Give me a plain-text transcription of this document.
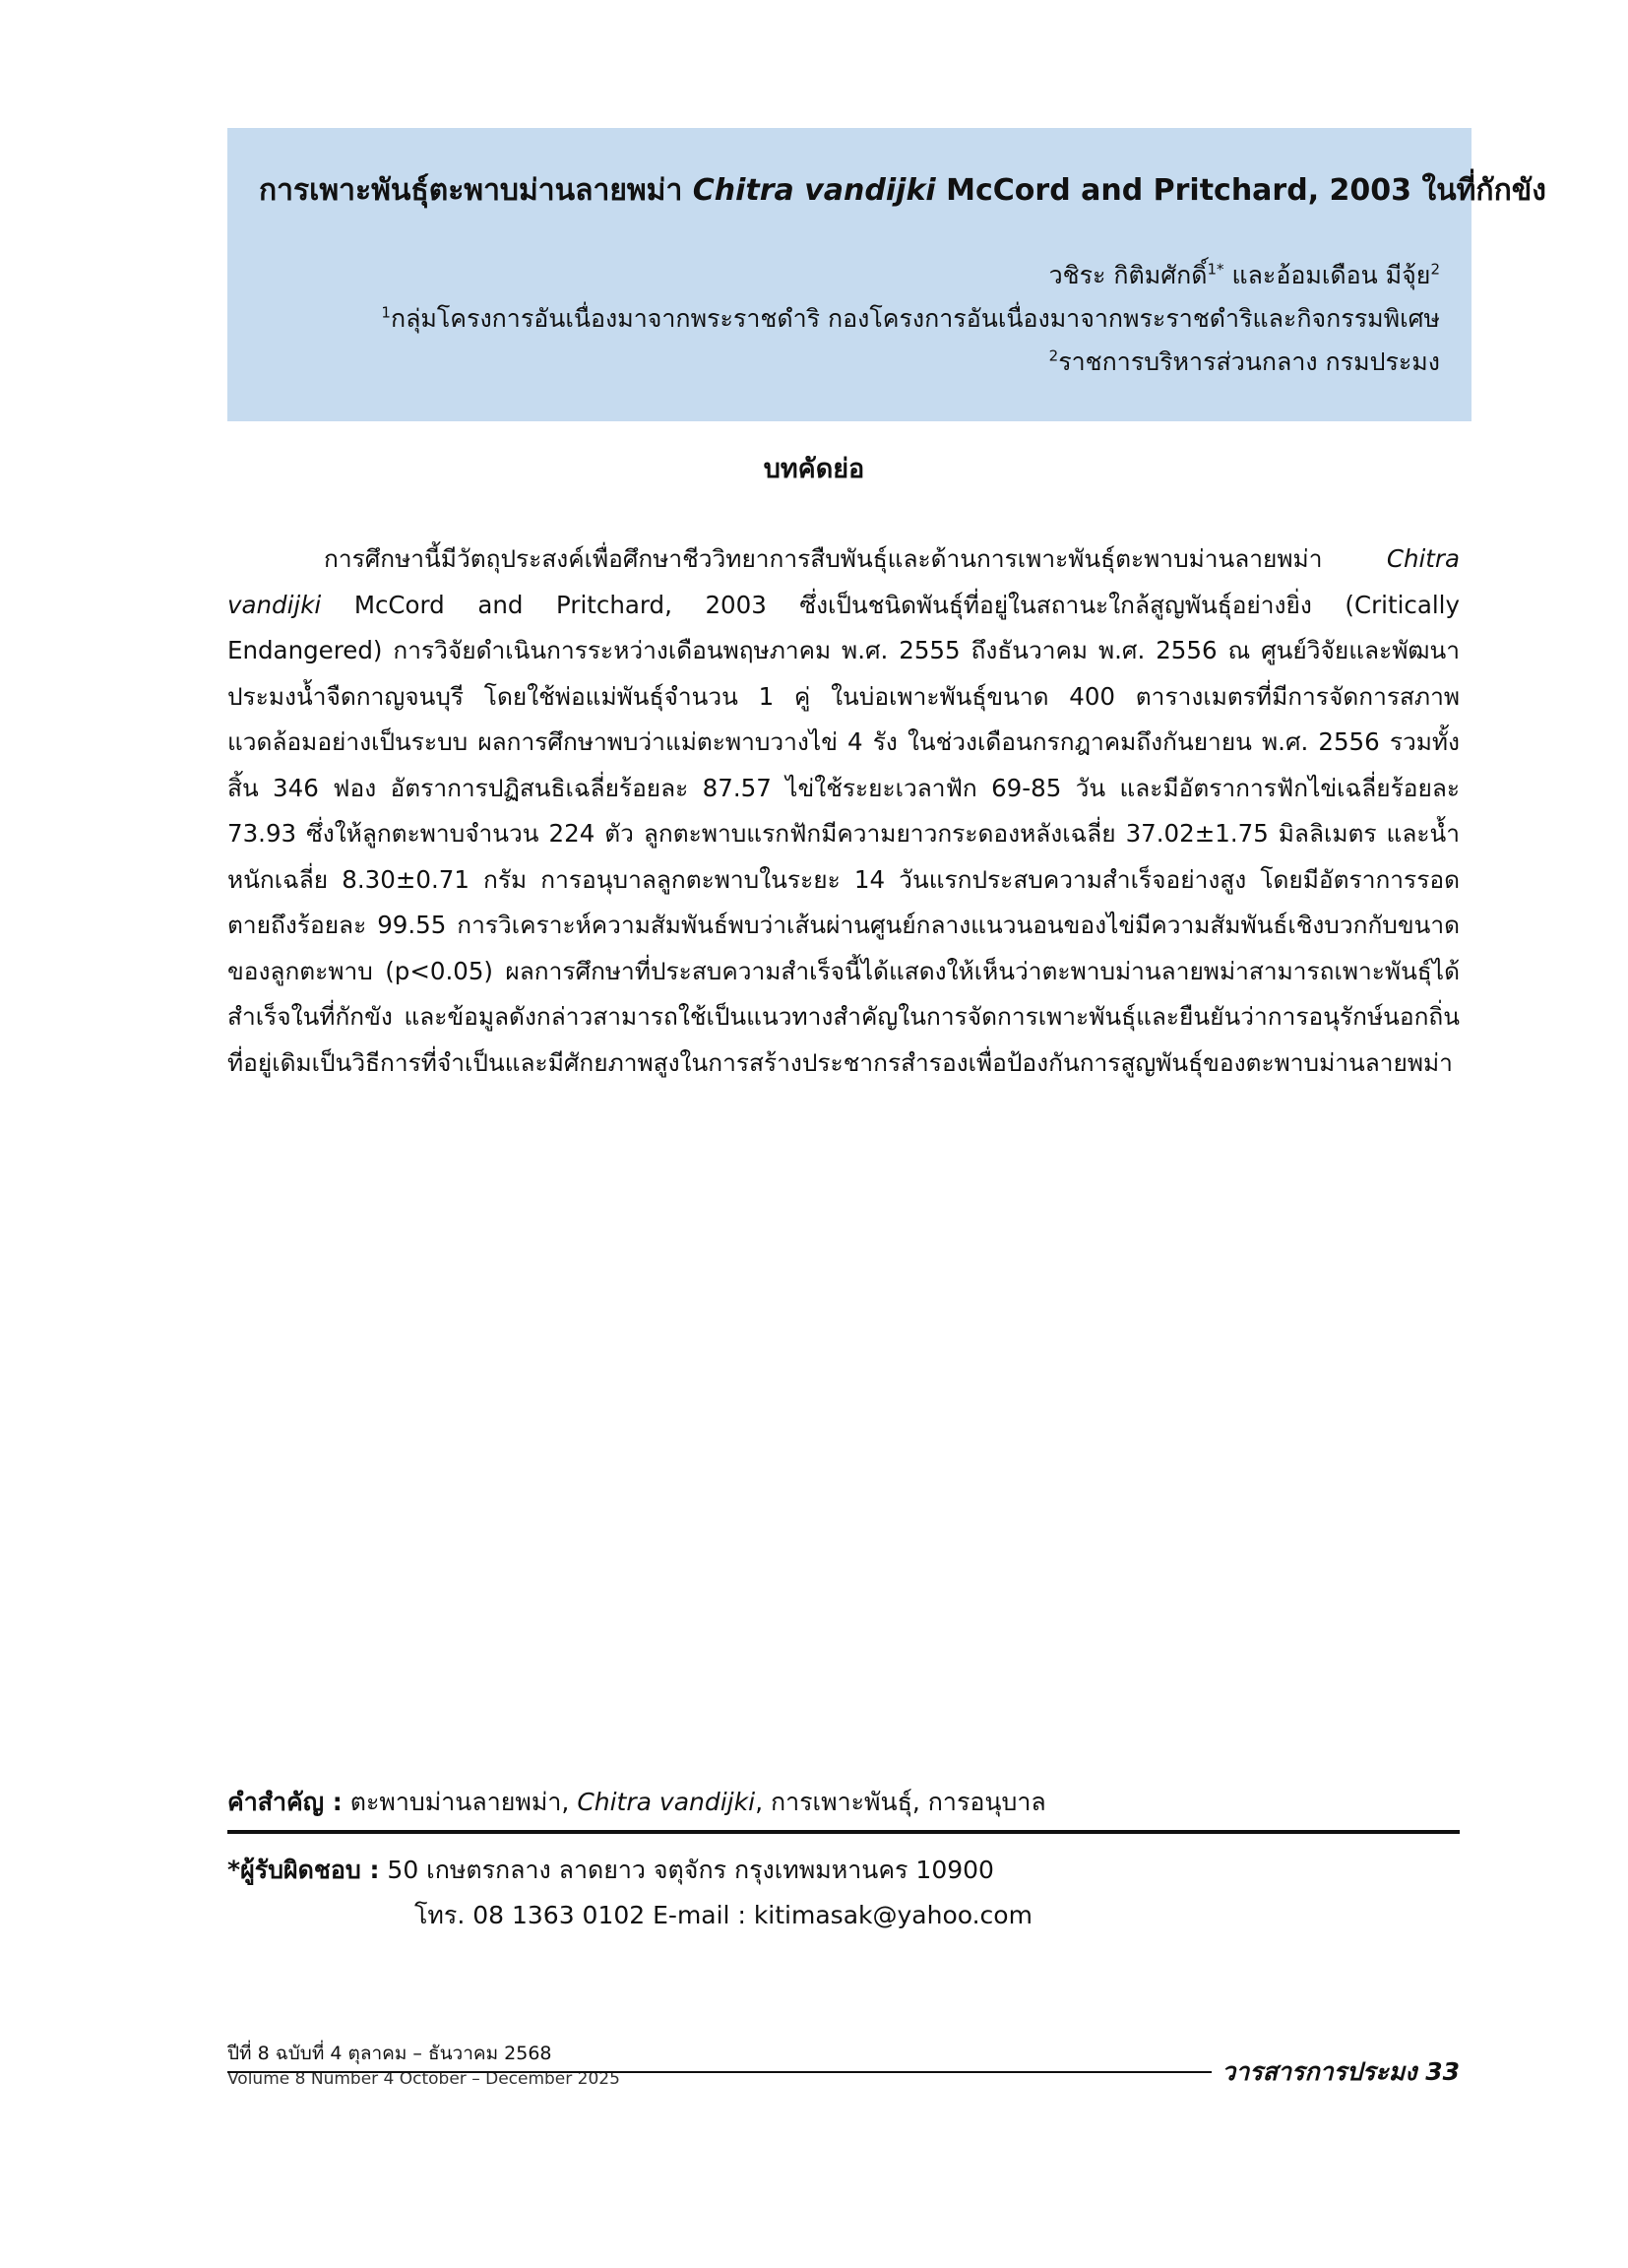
การเพาะพันธุ์ตะพาบม่านลายพม่า Chitra vandijki McCord and Pritchard, 2003 ในที่กักขัง
วชิระ กิติมศักดิ์$^{1*}$ และอ้อมเดือน มีจุ้ย$^2$
$^1$กลุ่มโครงการอันเนื่องมาจากพระราชดำริ กองโครงการอันเนื่องมาจากพระราชดำริและกิจกรรมพิเศษ
$^2$ราชการบริหารส่วนกลาง กรมประมง
บทคัดย่อ

การศึกษานี้มีวัตถุประสงค์เพื่อศึกษาชีววิทยาการสืบพันธุ์และด้านการเพาะพันธุ์ตะพาบม่านลายพม่า Chitra vandijki McCord and Pritchard, 2003 ซึ่งเป็นชนิดพันธุ์ที่อยู่ในสถานะใกล้สูญพันธุ์อย่างยิ่ง (Critically Endangered) การวิจัยดำเนินการระหว่างเดือนพฤษภาคม พ.ศ. 2555 ถึงธันวาคม พ.ศ. 2556 ณ ศูนย์วิจัยและพัฒนาประมงน้ำจืดกาญจนบุรี โดยใช้พ่อแม่พันธุ์จำนวน 1 คู่ ในบ่อเพาะพันธุ์ขนาด 400 ตารางเมตรที่มีการจัดการสภาพแวดล้อมอย่างเป็นระบบ ผลการศึกษาพบว่าแม่ตะพาบวางไข่ 4 รัง ในช่วงเดือนกรกฎาคมถึงกันยายน พ.ศ. 2556 รวมทั้งสิ้น 346 ฟอง อัตราการปฏิสนธิเฉลี่ยร้อยละ 87.57 ไข่ใช้ระยะเวลาฟัก 69-85 วัน และมีอัตราการฟักไข่เฉลี่ยร้อยละ 73.93 ซึ่งให้ลูกตะพาบจำนวน 224 ตัว ลูกตะพาบแรกฟักมีความยาวกระดองหลังเฉลี่ย 37.02±1.75 มิลลิเมตร และน้ำหนักเฉลี่ย 8.30±0.71 กรัม การอนุบาลลูกตะพาบในระยะ 14 วันแรกประสบความสำเร็จอย่างสูง โดยมีอัตราการรอดตายถึงร้อยละ 99.55 การวิเคราะห์ความสัมพันธ์พบว่าเส้นผ่านศูนย์กลางแนวนอนของไข่มีความสัมพันธ์เชิงบวกกับขนาดของลูกตะพาบ (p<0.05) ผลการศึกษาที่ประสบความสำเร็จนี้ได้แสดงให้เห็นว่าตะพาบม่านลายพม่าสามารถเพาะพันธุ์ได้สำเร็จในที่กักขัง และข้อมูลดังกล่าวสามารถใช้เป็นแนวทางสำคัญในการจัดการเพาะพันธุ์และยืนยันว่าการอนุรักษ์นอกถิ่นที่อยู่เดิมเป็นวิธีการที่จำเป็นและมีศักยภาพสูงในการสร้างประชากรสำรองเพื่อป้องกันการสูญพันธุ์ของตะพาบม่านลายพม่า

คำสำคัญ : ตะพาบม่านลายพม่า, Chitra vandijki, การเพาะพันธุ์, การอนุบาล
*ผู้รับผิดชอบ : 50 เกษตรกลาง ลาดยาว จตุจักร กรุงเทพมหานคร 10900
โทร. 08 1363 0102 E-mail : kitimasak@yahoo.com
ปีที่ 8 ฉบับที่ 4 ตุลาคม – ธันวาคม 2568
Volume 8 Number 4 October – December 2025	วารสารการประมง 33
